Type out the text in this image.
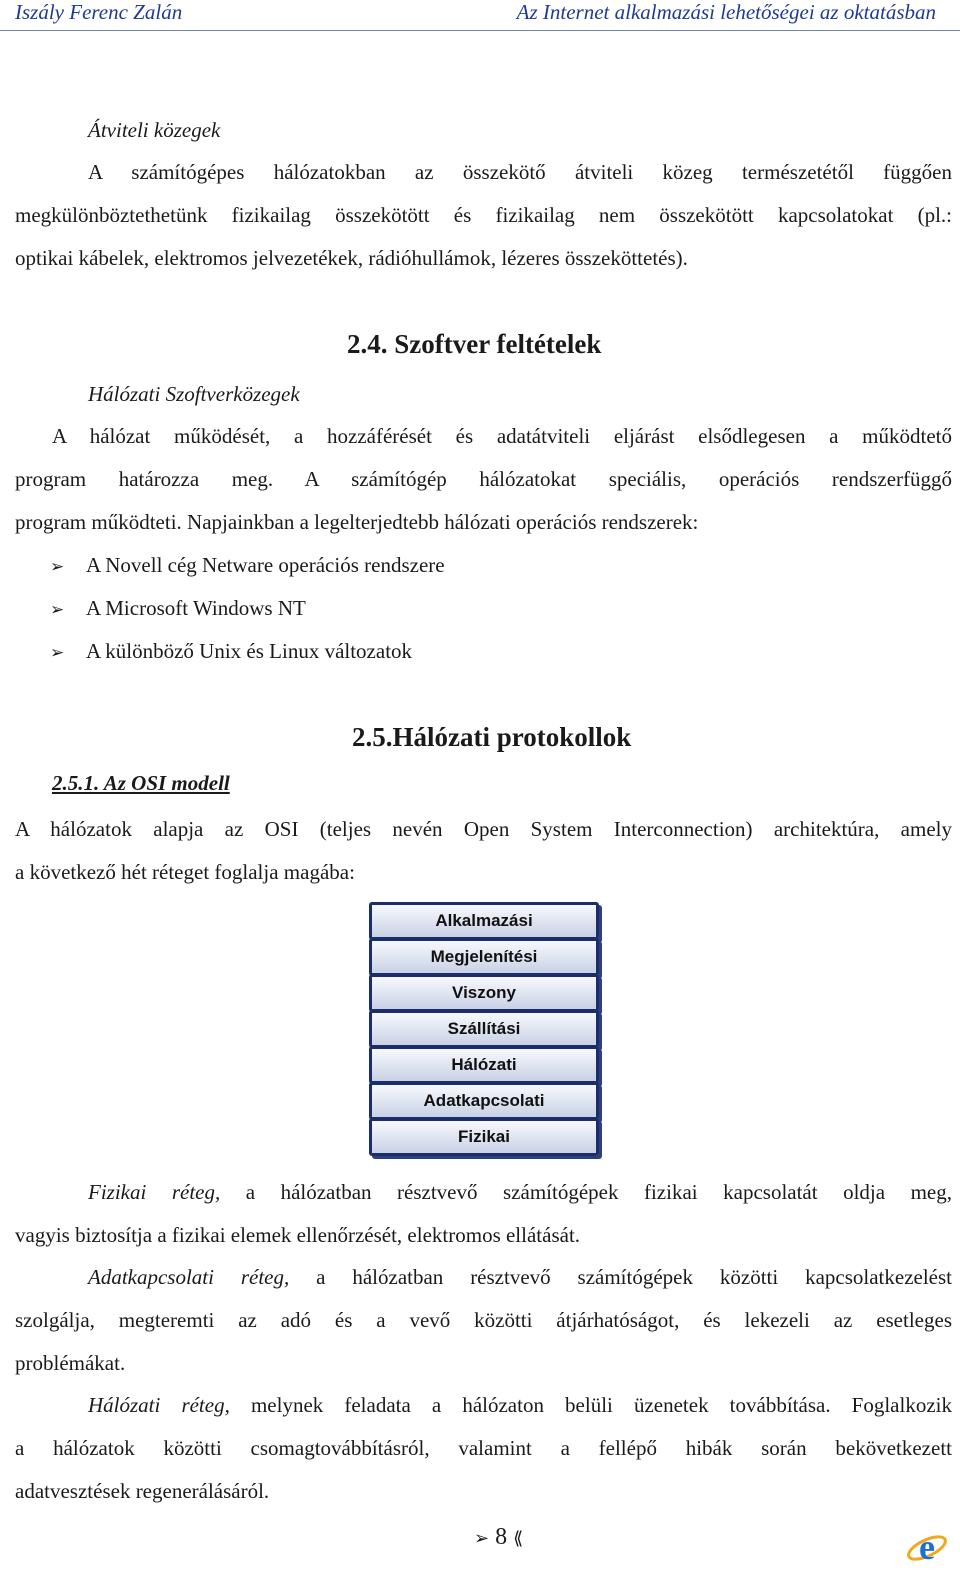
Iszály Ferenc Zalán	Az Internet alkalmazási lehetőségei az oktatásban
Átviteli közegek
A számítógépes hálózatokban az összekötő átviteli közeg természetétől függően
megkülönböztethetünk fizikailag összekötött és fizikailag nem összekötött kapcsolatokat (pl.:
optikai kábelek, elektromos jelvezetékek, rádióhullámok, lézeres összeköttetés).
2.4. Szoftver feltételek
Hálózati Szoftverközegek
A hálózat működését, a hozzáférését és adatátviteli eljárást elsődlegesen a működtető
program határozza meg. A számítógép hálózatokat speciális, operációs rendszerfüggő
program működteti. Napjainkban a legelterjedtebb hálózati operációs rendszerek:
➢ A Novell cég Netware operációs rendszere
➢ A Microsoft Windows NT
➢ A különböző Unix és Linux változatok
2.5.Hálózati protokollok
2.5.1. Az OSI modell
A hálózatok alapja az OSI (teljes nevén Open System Interconnection) architektúra, amely
a következő hét réteget foglalja magába:
Alkalmazási
Megjelenítési
Viszony
Szállítási
Hálózati
Adatkapcsolati
Fizikai
Fizikai réteg, a hálózatban résztvevő számítógépek fizikai kapcsolatát oldja meg,
vagyis biztosítja a fizikai elemek ellenőrzését, elektromos ellátását.
Adatkapcsolati réteg, a hálózatban résztvevő számítógépek közötti kapcsolatkezelést
szolgálja, megteremti az adó és a vevő közötti átjárhatóságot, és lekezeli az esetleges
problémákat.
Hálózati réteg, melynek feladata a hálózaton belüli üzenetek továbbítása. Foglalkozik
a hálózatok közötti csomagtovábbításról, valamint a fellépő hibák során bekövetkezett
adatvesztések regenerálásáról.
➢ 8 ⟪	e
